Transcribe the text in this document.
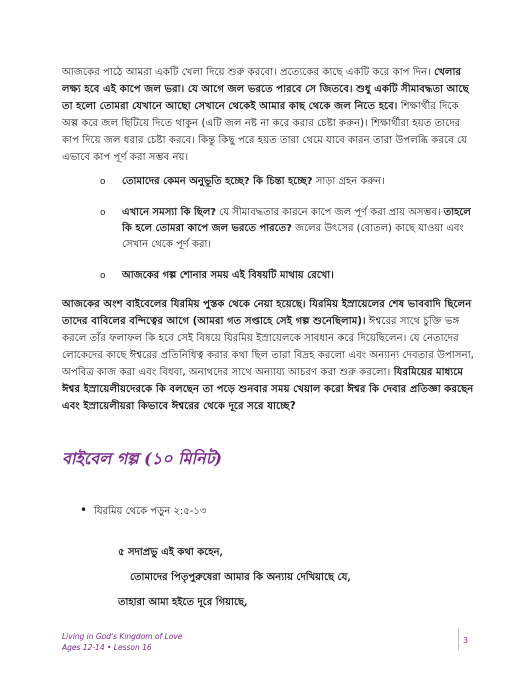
আজকের পাঠে আমরা একটি খেলা দিয়ে শুরু করবো। প্রত্যেকের কাছে একটি করে কাপ দিন। খেলার লক্ষ্য হবে এই কাপে জল ভরা। যে আগে জল ভরতে পারবে সে জিতবে। শুধু একটি সীমাবদ্ধতা আছে তা হলো তোমরা যেখানে আছো সেখানে থেকেই আমার কাছ থেকে জল নিতে হবে। শিক্ষার্থীর দিকে অল্প করে জল ছিটিয়ে দিতে থাকুন (এটি জল নষ্ট না করে করার চেষ্টা করুন)। শিক্ষার্থীরা হয়ত তাদের কাপ দিয়ে জল ধরার চেষ্টা করবে। কিন্তু কিছু পরে হয়ত তারা থেমে যাবে কারন তারা উপলব্ধি করবে যে এভাবে কাপ পূর্ণ করা সম্ভব নয়।

o তোমাদের কেমন অনুভূতি হচ্ছে? কি চিন্তা হচ্ছে? সাড়া গ্রহন করুন।
o এখানে সমস্যা কি ছিল? যে সীমাবদ্ধতার কারনে কাপে জল পূর্ণ করা প্রায় অসম্ভব। তাহলে কি হলে তোমরা কাপে জল ভরতে পারতে? জলের উৎসের (বোতল) কাছে যাওয়া এবং সেখান থেকে পূর্ণ করা।
o আজকের গল্প শোনার সময় এই বিষয়টি মাথায় রেখো।

আজকের অংশ বাইবেলের যিরমিয় পুস্তক থেকে নেয়া হয়েছে। যিরমিয় ইস্রায়েলের শেষ ভাববাদি ছিলেন তাদের বাবিলের বন্দিত্বের আগে (আমরা গত সপ্তাহে সেই গল্প শুনেছিলাম)। ঈশ্বরের সাথে চুক্তি ভঙ্গ করলে তাঁর ফলাফল কি হবে সেই বিষয়ে যিরমিয় ইস্রায়েলকে সাবধান করে দিয়েছিলেন। যে নেতাদের লোকেদের কাছে ঈশ্বরের প্রতিনিধিত্ব করার কথা ছিল তারা বিদ্রহ করলো এবং অন্যান্য দেবতার উপাসনা, অপবিত্র কাজ করা এবং বিধবা, অনাথদের সাথে অন্যায্য আচরণ করা শুরু করলো। যিরমিয়ের মাধ্যমে ঈশ্বর ইস্রায়েলীয়দেরকে কি বলছেন তা পড়ে শুনবার সময় খেয়াল করো ঈশ্বর কি দেবার প্রতিজ্ঞা করছেন এবং ইস্রায়েলীয়রা কিভাবে ঈশ্বরের থেকে দূরে সরে যাচ্ছে?

বাইবেল গল্প (১০ মিনিট)
• যিরমিয় থেকে পড়ুন ২:৫-১৩
৫ সদাপ্রভু এই কথা কহেন,
তোমাদের পিতৃপুরুষেরা আমার কি অন্যায় দেখিয়াছে যে,
তাহারা আমা হইতে দূরে গিয়াছে,
Living in God's Kingdom of Love
Ages 12-14 • Lesson 16
3
